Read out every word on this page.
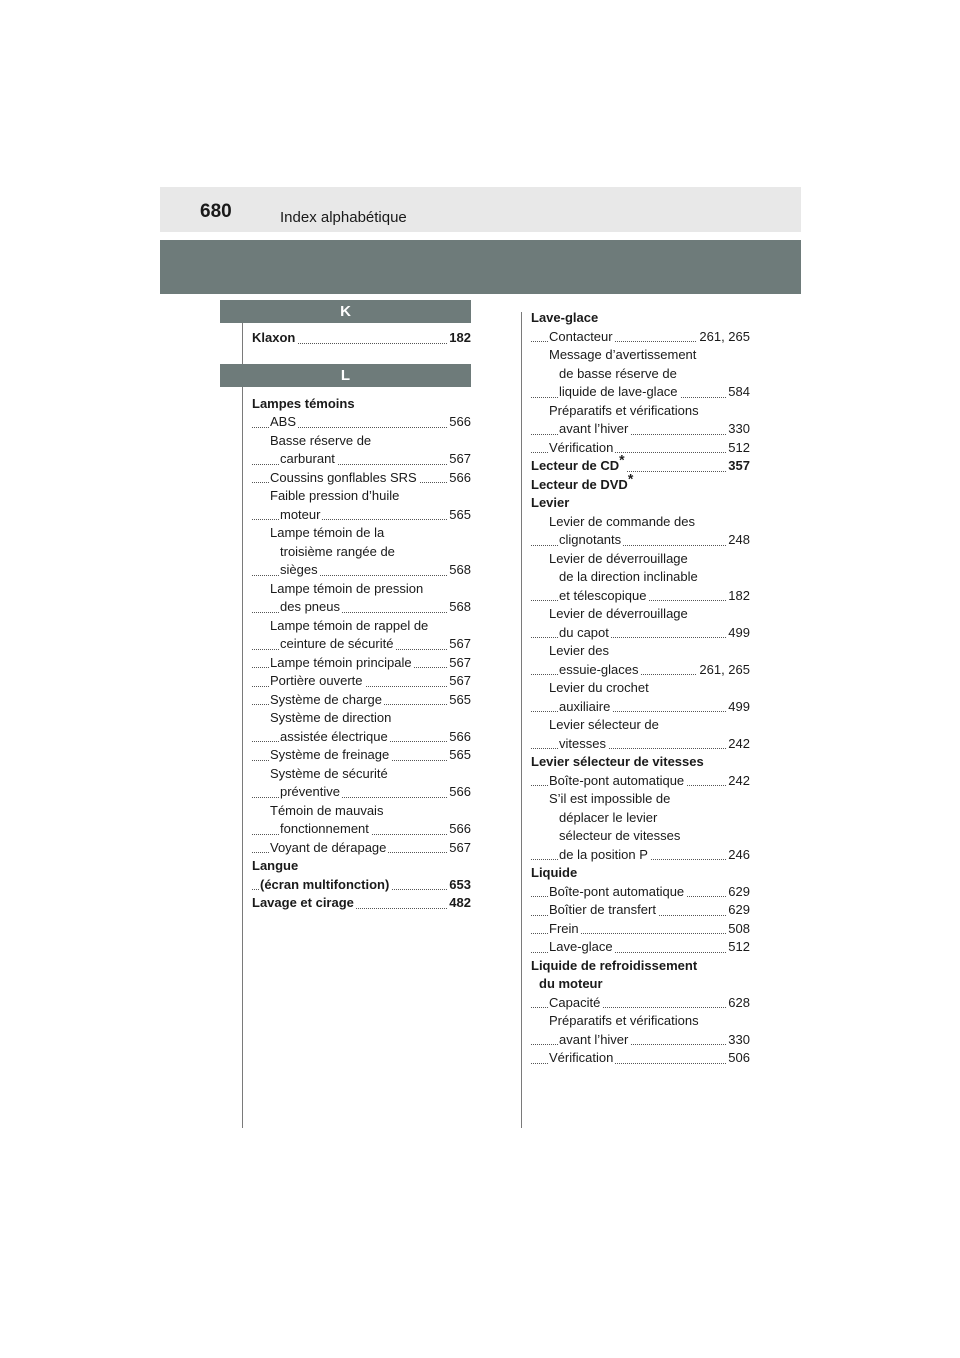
680	Index alphabétique
K
Klaxon	182
L
Lampes témoins
ABS	566
Basse réserve de
carburant	567
Coussins gonflables SRS	566
Faible pression d’huile
moteur	565
Lampe témoin de la
troisième rangée de
sièges	568
Lampe témoin de pression
des pneus	568
Lampe témoin de rappel de
ceinture de sécurité	567
Lampe témoin principale	567
Portière ouverte	567
Système de charge	565
Système de direction
assistée électrique	566
Système de freinage	565
Système de sécurité
préventive	566
Témoin de mauvais
fonctionnement	566
Voyant de dérapage	567
Langue
(écran multifonction)	653
Lavage et cirage	482
Lave-glace
Contacteur	261, 265
Message d’avertissement
de basse réserve de
liquide de lave-glace	584
Préparatifs et vérifications
avant l’hiver	330
Vérification	512
Lecteur de CD*	357
Lecteur de DVD*
Levier
Levier de commande des
clignotants	248
Levier de déverrouillage
de la direction inclinable
et télescopique	182
Levier de déverrouillage
du capot	499
Levier des
essuie-glaces	261, 265
Levier du crochet
auxiliaire	499
Levier sélecteur de
vitesses	242
Levier sélecteur de vitesses
Boîte-pont automatique	242
S’il est impossible de
déplacer le levier
sélecteur de vitesses
de la position P	246
Liquide
Boîte-pont automatique	629
Boîtier de transfert	629
Frein	508
Lave-glace	512
Liquide de refroidissement
du moteur
Capacité	628
Préparatifs et vérifications
avant l’hiver	330
Vérification	506
